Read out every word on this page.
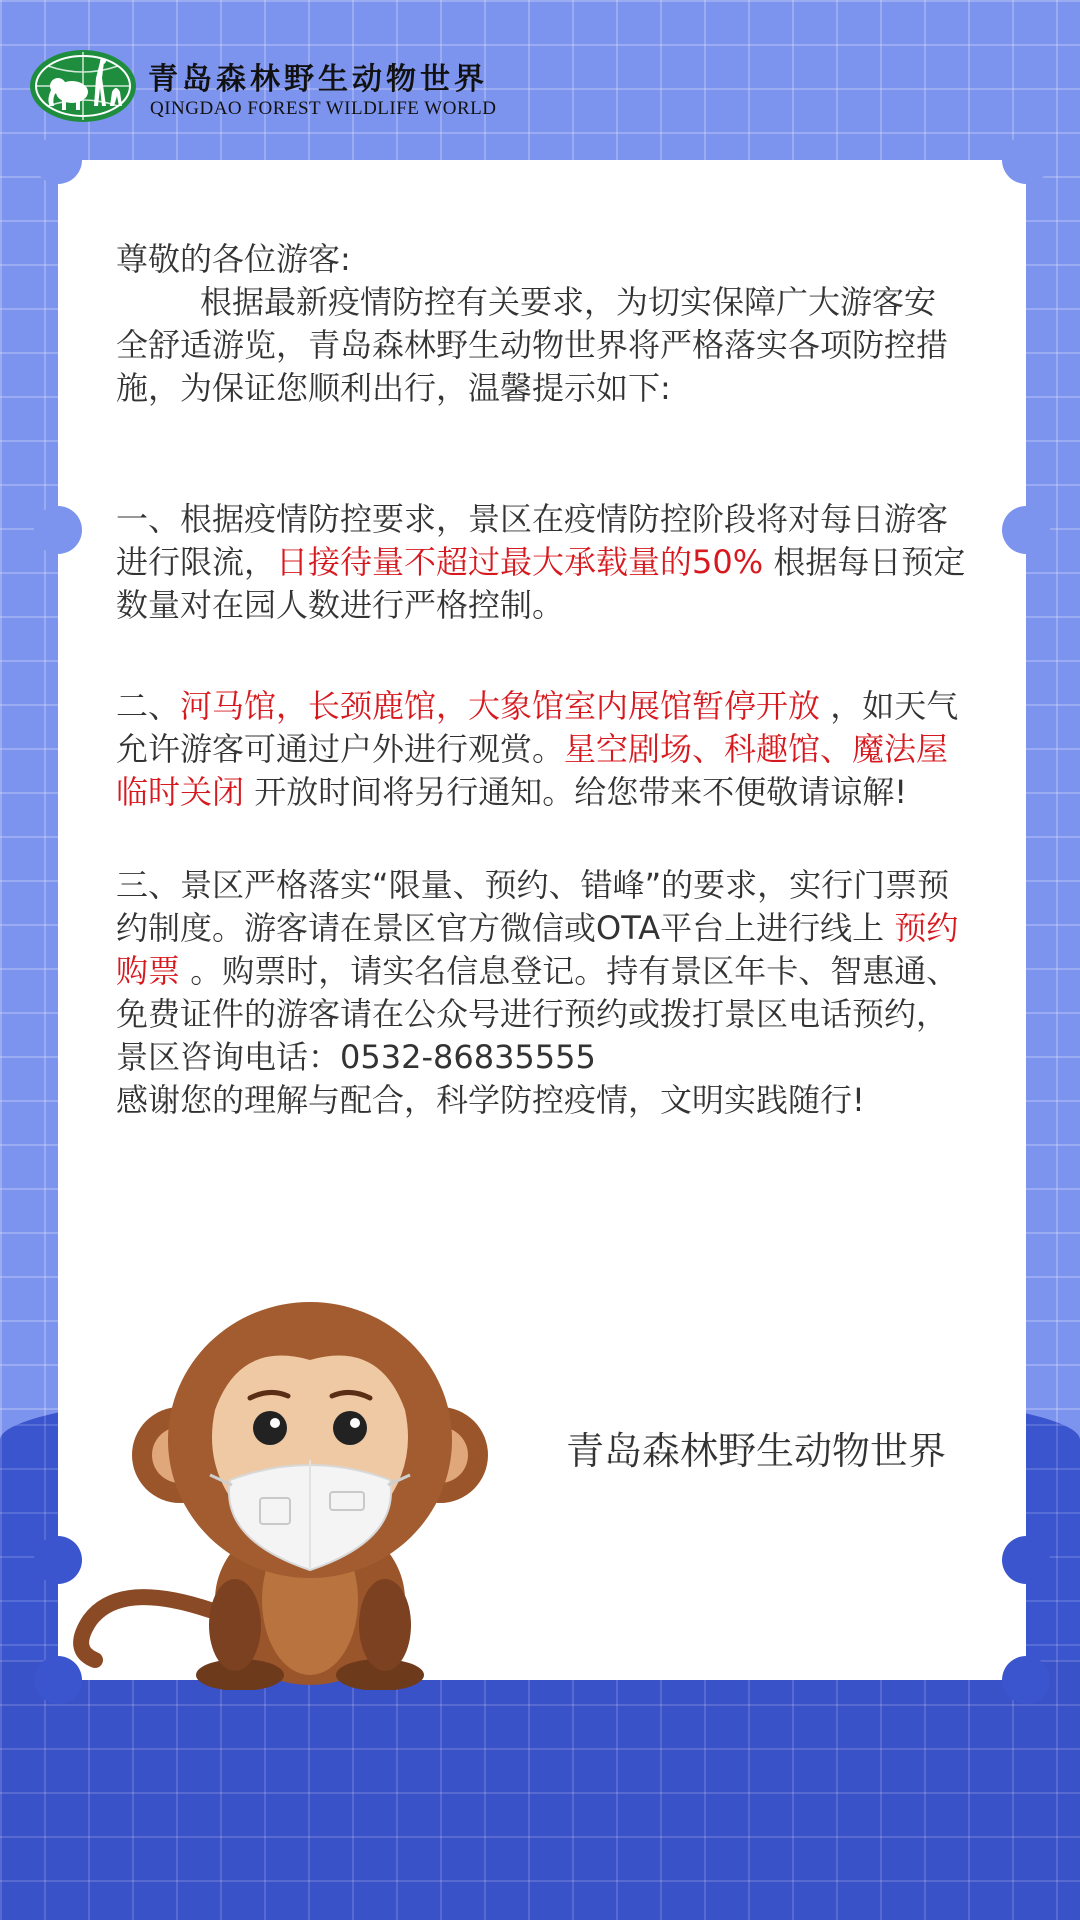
青岛森林野生动物世界
QINGDAO FOREST WILDLIFE WORLD

尊敬的各位游客:

根据最新疫情防控有关要求，为切实保障广大游客安全舒适游览，青岛森林野生动物世界将严格落实各项防控措施，为保证您顺利出行，温馨提示如下:

一、根据疫情防控要求，景区在疫情防控阶段将对每日游客进行限流，日接待量不超过最大承载量的50% 根据每日预定数量对在园人数进行严格控制。

二、河马馆，长颈鹿馆，大象馆室内展馆暂停开放 ，如天气允许游客可通过户外进行观赏。星空剧场、科趣馆、魔法屋临时关闭 开放时间将另行通知。给您带来不便敬请谅解!

三、景区严格落实“限量、预约、错峰”的要求，实行门票预约制度。游客请在景区官方微信或OTA平台上进行线上 预约购票 。购票时，请实名信息登记。持有景区年卡、智惠通、免费证件的游客请在公众号进行预约或拨打景区电话预约，景区咨询电话：0532-86835555

感谢您的理解与配合，科学防控疫情，文明实践随行!

青岛森林野生动物世界
